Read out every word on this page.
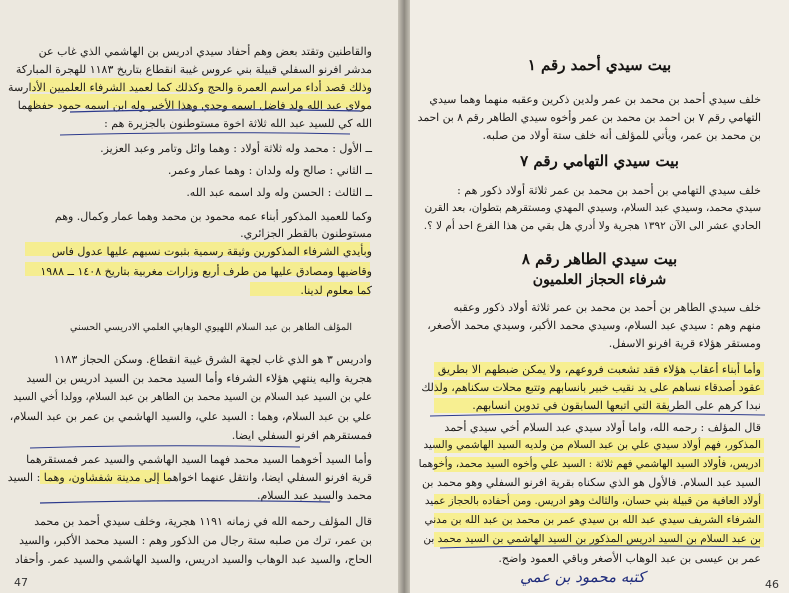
والقاطنين وتقتد بعض وهم أحفاد سيدي ادريس بن الهاشمي الذي غاب عن
مدشر افرنو السفلي قبيلة بني عروس غيبة انقطاع بتاريخ ١١٨٣ للهجرة المباركة
وذلك قصد أداء مراسم العمرة والحج وكذلك كما لعميد الشرفاء العلميين الأدارسة
مولاي عبد الله ولد فاضل اسمه وجدي وهذا الأخير وله ابن اسمه حمود حفظهما
الله كي للسيد عبد الله ثلاثة اخوة مستوطنون بالجزيرة هم :
ــ الأول : محمد وله ثلاثة أولاد : وهما وائل وتامر وعبد العزيز.
ــ الثاني : صالح وله ولدان : وهما عمار وعمر.
ــ الثالث : الحسن وله ولد اسمه عبد الله.
وكما للعميد المذكور أبناء عمه محمود بن محمد وهما عمار وكمال. وهم
مستوطنون بالقطر الجزائري.
وبأيدي الشرفاء المذكورين وثيقة رسمية بثبوت نسبهم عليها عدول فاس
وقاضيها ومصادق عليها من طرف أربع وزارات مغربية بتاريخ ١٤٠٨ ــ ١٩٨٨
كما معلوم لدينا.
المؤلف الطاهر بن عبد السلام اللهيوي الوهابي العلمي الادريسي الحسني
وادريس ٣ هو الذي غاب لجهة الشرق غيبة انقطاع. وسكن الحجاز ١١٨٣
هجرية واليه ينتهي هؤلاء الشرفاء وأما السيد محمد بن السيد ادريس بن السيد
علي بن السيد عبد السلام بن السيد محمد بن الطاهر بن عبد السلام، وولدا أخي السيد
علي بن عبد السلام، وهما : السيد علي، والسيد الهاشمي بن عمر بن عبد السلام،
فمستقرهم افرنو السفلي ايضا.
وأما السيد أخوهما السيد محمد فهما السيد الهاشمي والسيد عمر فمستقرهما
قرية افرنو السفلي ايضا، وانتقل عنهما اخواهما إلى مدينة شفشاون، وهما : السيد
محمد والسيد عبد السلام.
قال المؤلف رحمه الله في زمانه ١١٩١ هجرية، وخلف سيدي أحمد بن محمد
بن عمر، ترك من صلبه ستة رجال من الذكور وهم : السيد محمد الأكبر، والسيد
الحاج، والسيد عبد الوهاب والسيد ادريس، والسيد الهاشمي والسيد عمر. وأحفاد
47
بيت سيدي أحمد رقم ١
خلف سيدي أحمد بن محمد بن عمر ولدين ذكرين وعقبه منهما وهما سيدي
التهامي رقم ٧ بن احمد بن محمد بن عمر وأخوه سيدي الطاهر رقم ٨ بن احمد
بن محمد بن عمر، ويأتي للمؤلف أنه خلف ستة أولاد من صلبه.
بيت سيدي التهامي رقم ٧
خلف سيدي التهامي بن أحمد بن محمد بن عمر ثلاثة أولاد ذكور هم :
سيدي محمد، وسيدي عبد السلام، وسيدي المهدي ومستقرهم بتطوان، بعد القرن
الحادي عشر الى الآن ١٣٩٢ هجرية ولا أدري هل بقي من هذا الفرع احد أم لا ؟.
بيت سيدي الطاهر رقم ٨
شرفاء الحجاز العلميون
خلف سيدي الطاهر بن أحمد بن محمد بن عمر ثلاثة أولاد ذكور وعقبه
منهم وهم : سيدي عبد السلام، وسيدي محمد الأكبر، وسيدي محمد الأصغر،
ومستقر هؤلاء قرية افرنو الاسفل.
وأما أبناء أعقاب هؤلاء فقد تشعبت فروعهم، ولا يمكن ضبطهم الا بطريق
عقود أصدقاء نساهم على يد نقيب خبير بانسابهم وتتبع محلات سكناهم، ولذلك
نبدا كرهم على الطريقة التي اتبعها السابقون في تدوين انسابهم.
قال المؤلف : رحمه الله، واما أولاد سيدي عبد السلام أخي سيدي أحمد
المذكور، فهم أولاد سيدي علي بن عبد السلام من ولديه السيد الهاشمي والسيد
ادريس، فأولاد السيد الهاشمي فهم ثلاثة : السيد علي وأخوه السيد محمد، وأخوهما
السيد عبد السلام. فالأول هو الذي سكناه بقرية افرنو السفلي وهو محمد بن
أولاد العافية من قبيلة بني حسان، والثالث وهو ادريس. ومن أحفاده بالحجاز عميد
الشرفاء الشريف سيدي عبد الله بن سيدي عمر بن محمد بن عبد الله بن مدني
بن عبد السلام بن السيد ادريس المذكور بن السيد الهاشمي بن السيد محمد بن
عمر بن عيسى بن عبد الوهاب الأصغر وباقي العمود واضح.
كتبه محمود بن عمي	46
